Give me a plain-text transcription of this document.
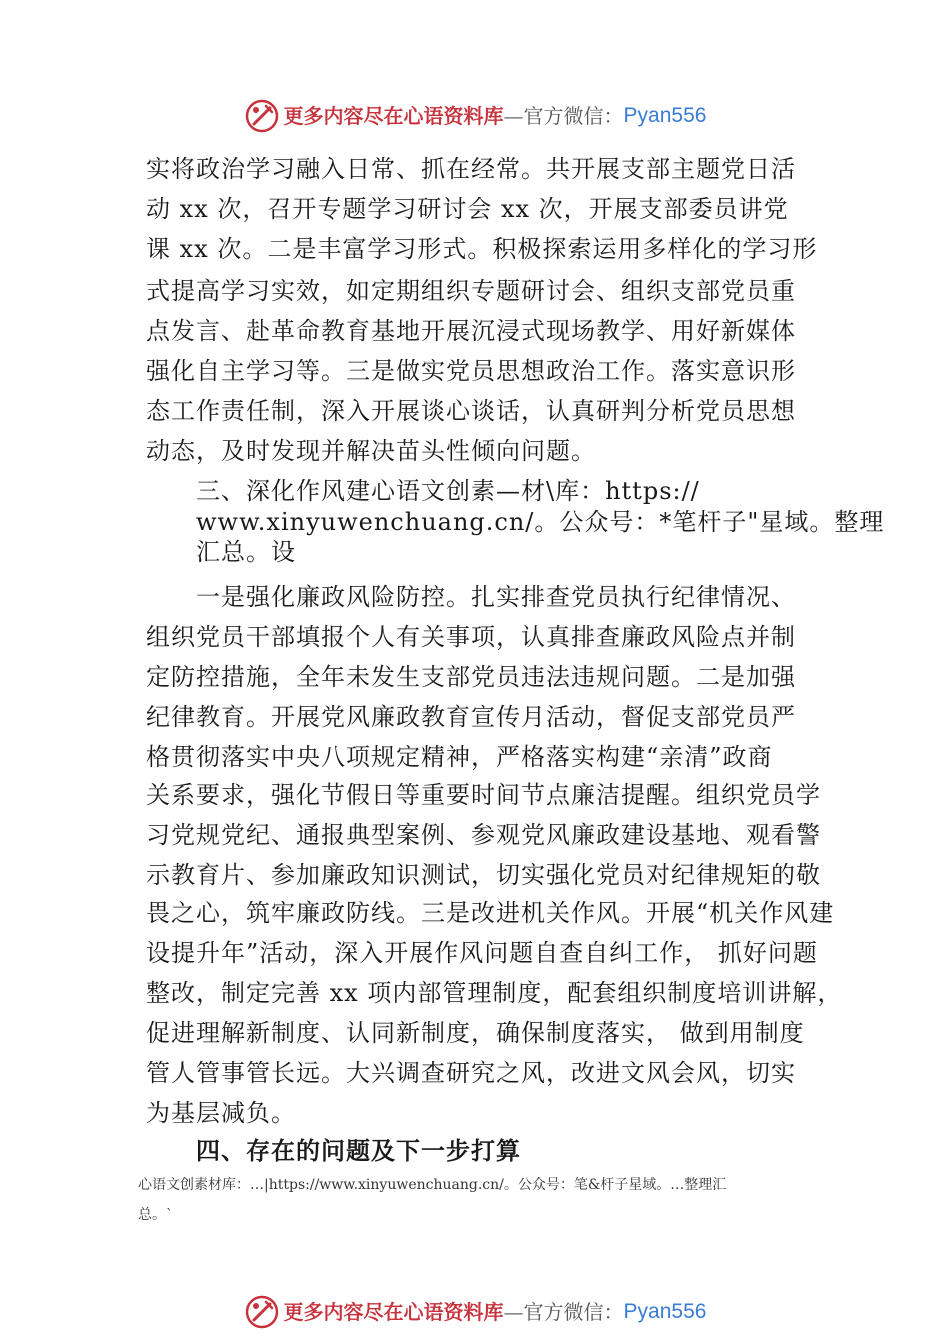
更多内容尽在心语资料库 — 官方微信： Pyan556
实将政治学习融入日常、抓在经常。共开展支部主题党日活
动 xx 次，召开专题学习研讨会 xx 次，开展支部委员讲党
课 xx 次。二是丰富学习形式。积极探索运用多样化的学习形
式提高学习实效，如定期组织专题研讨会、组织支部党员重
点发言、赴革命教育基地开展沉浸式现场教学、用好新媒体
强化自主学习等。三是做实党员思想政治工作。落实意识形
态工作责任制，深入开展谈心谈话，认真研判分析党员思想
动态，及时发现并解决苗头性倾向问题。
三、深化作风建心语文创素—材\库：https://
www.xinyuwenchuang.cn/。公众号：*笔杆子"星域。整理
汇总。设
一是强化廉政风险防控。扎实排查党员执行纪律情况、
组织党员干部填报个人有关事项，认真排查廉政风险点并制
定防控措施，全年未发生支部党员违法违规问题。二是加强
纪律教育。开展党风廉政教育宣传月活动，督促支部党员严
格贯彻落实中央八项规定精神，严格落实构建“亲清”政商
关系要求，强化节假日等重要时间节点廉洁提醒。组织党员学
习党规党纪、通报典型案例、参观党风廉政建设基地、观看警
示教育片、参加廉政知识测试，切实强化党员对纪律规矩的敬
畏之心，筑牢廉政防线。三是改进机关作风。开展“机关作风建
设提升年”活动，深入开展作风问题自查自纠工作， 抓好问题
整改，制定完善 xx 项内部管理制度，配套组织制度培训讲解，
促进理解新制度、认同新制度，确保制度落实， 做到用制度
管人管事管长远。大兴调查研究之风，改进文风会风，切实
为基层减负。
四、存在的问题及下一步打算
心语文创素材库：…|https://www.xinyuwenchuang.cn/。公众号：笔&杆子星域。…整理汇
总。`
更多内容尽在心语资料库 — 官方微信： Pyan556
